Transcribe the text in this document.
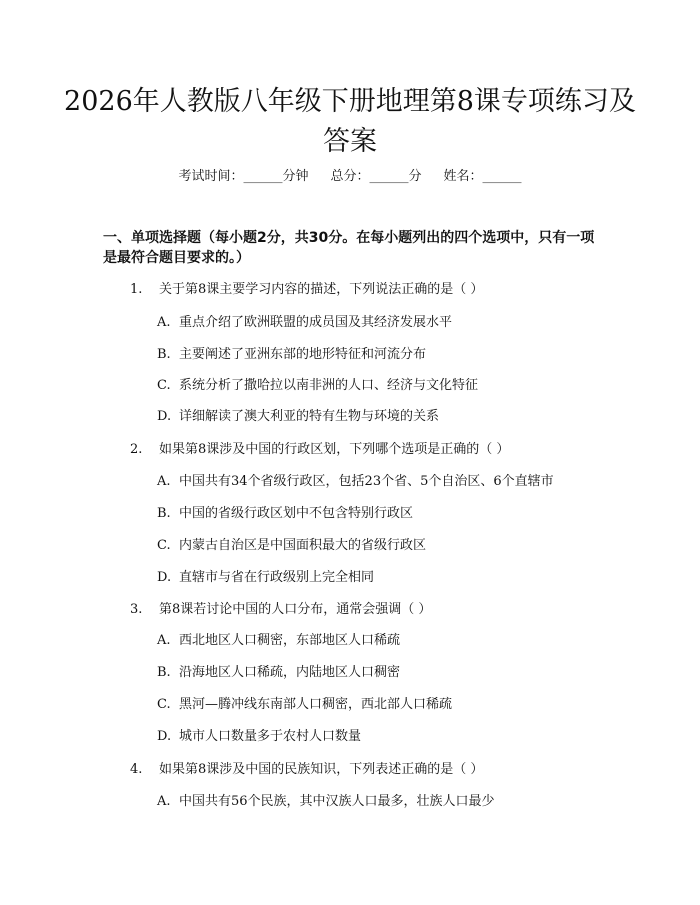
2026年人教版八年级下册地理第8课专项练习及答案
考试时间：______分钟 总分：______分 姓名：______

一、单项选择题（每小题2分，共30分。在每小题列出的四个选项中，只有一项是最符合题目要求的。）

1. 关于第8课主要学习内容的描述，下列说法正确的是（ ）
A. 重点介绍了欧洲联盟的成员国及其经济发展水平
B. 主要阐述了亚洲东部的地形特征和河流分布
C. 系统分析了撒哈拉以南非洲的人口、经济与文化特征
D. 详细解读了澳大利亚的特有生物与环境的关系
2. 如果第8课涉及中国的行政区划，下列哪个选项是正确的（ ）
A. 中国共有34个省级行政区，包括23个省、5个自治区、6个直辖市
B. 中国的省级行政区划中不包含特别行政区
C. 内蒙古自治区是中国面积最大的省级行政区
D. 直辖市与省在行政级别上完全相同
3. 第8课若讨论中国的人口分布，通常会强调（ ）
A. 西北地区人口稠密，东部地区人口稀疏
B. 沿海地区人口稀疏，内陆地区人口稠密
C. 黑河—腾冲线东南部人口稠密，西北部人口稀疏
D. 城市人口数量多于农村人口数量
4. 如果第8课涉及中国的民族知识，下列表述正确的是（ ）
A. 中国共有56个民族，其中汉族人口最多，壮族人口最少
